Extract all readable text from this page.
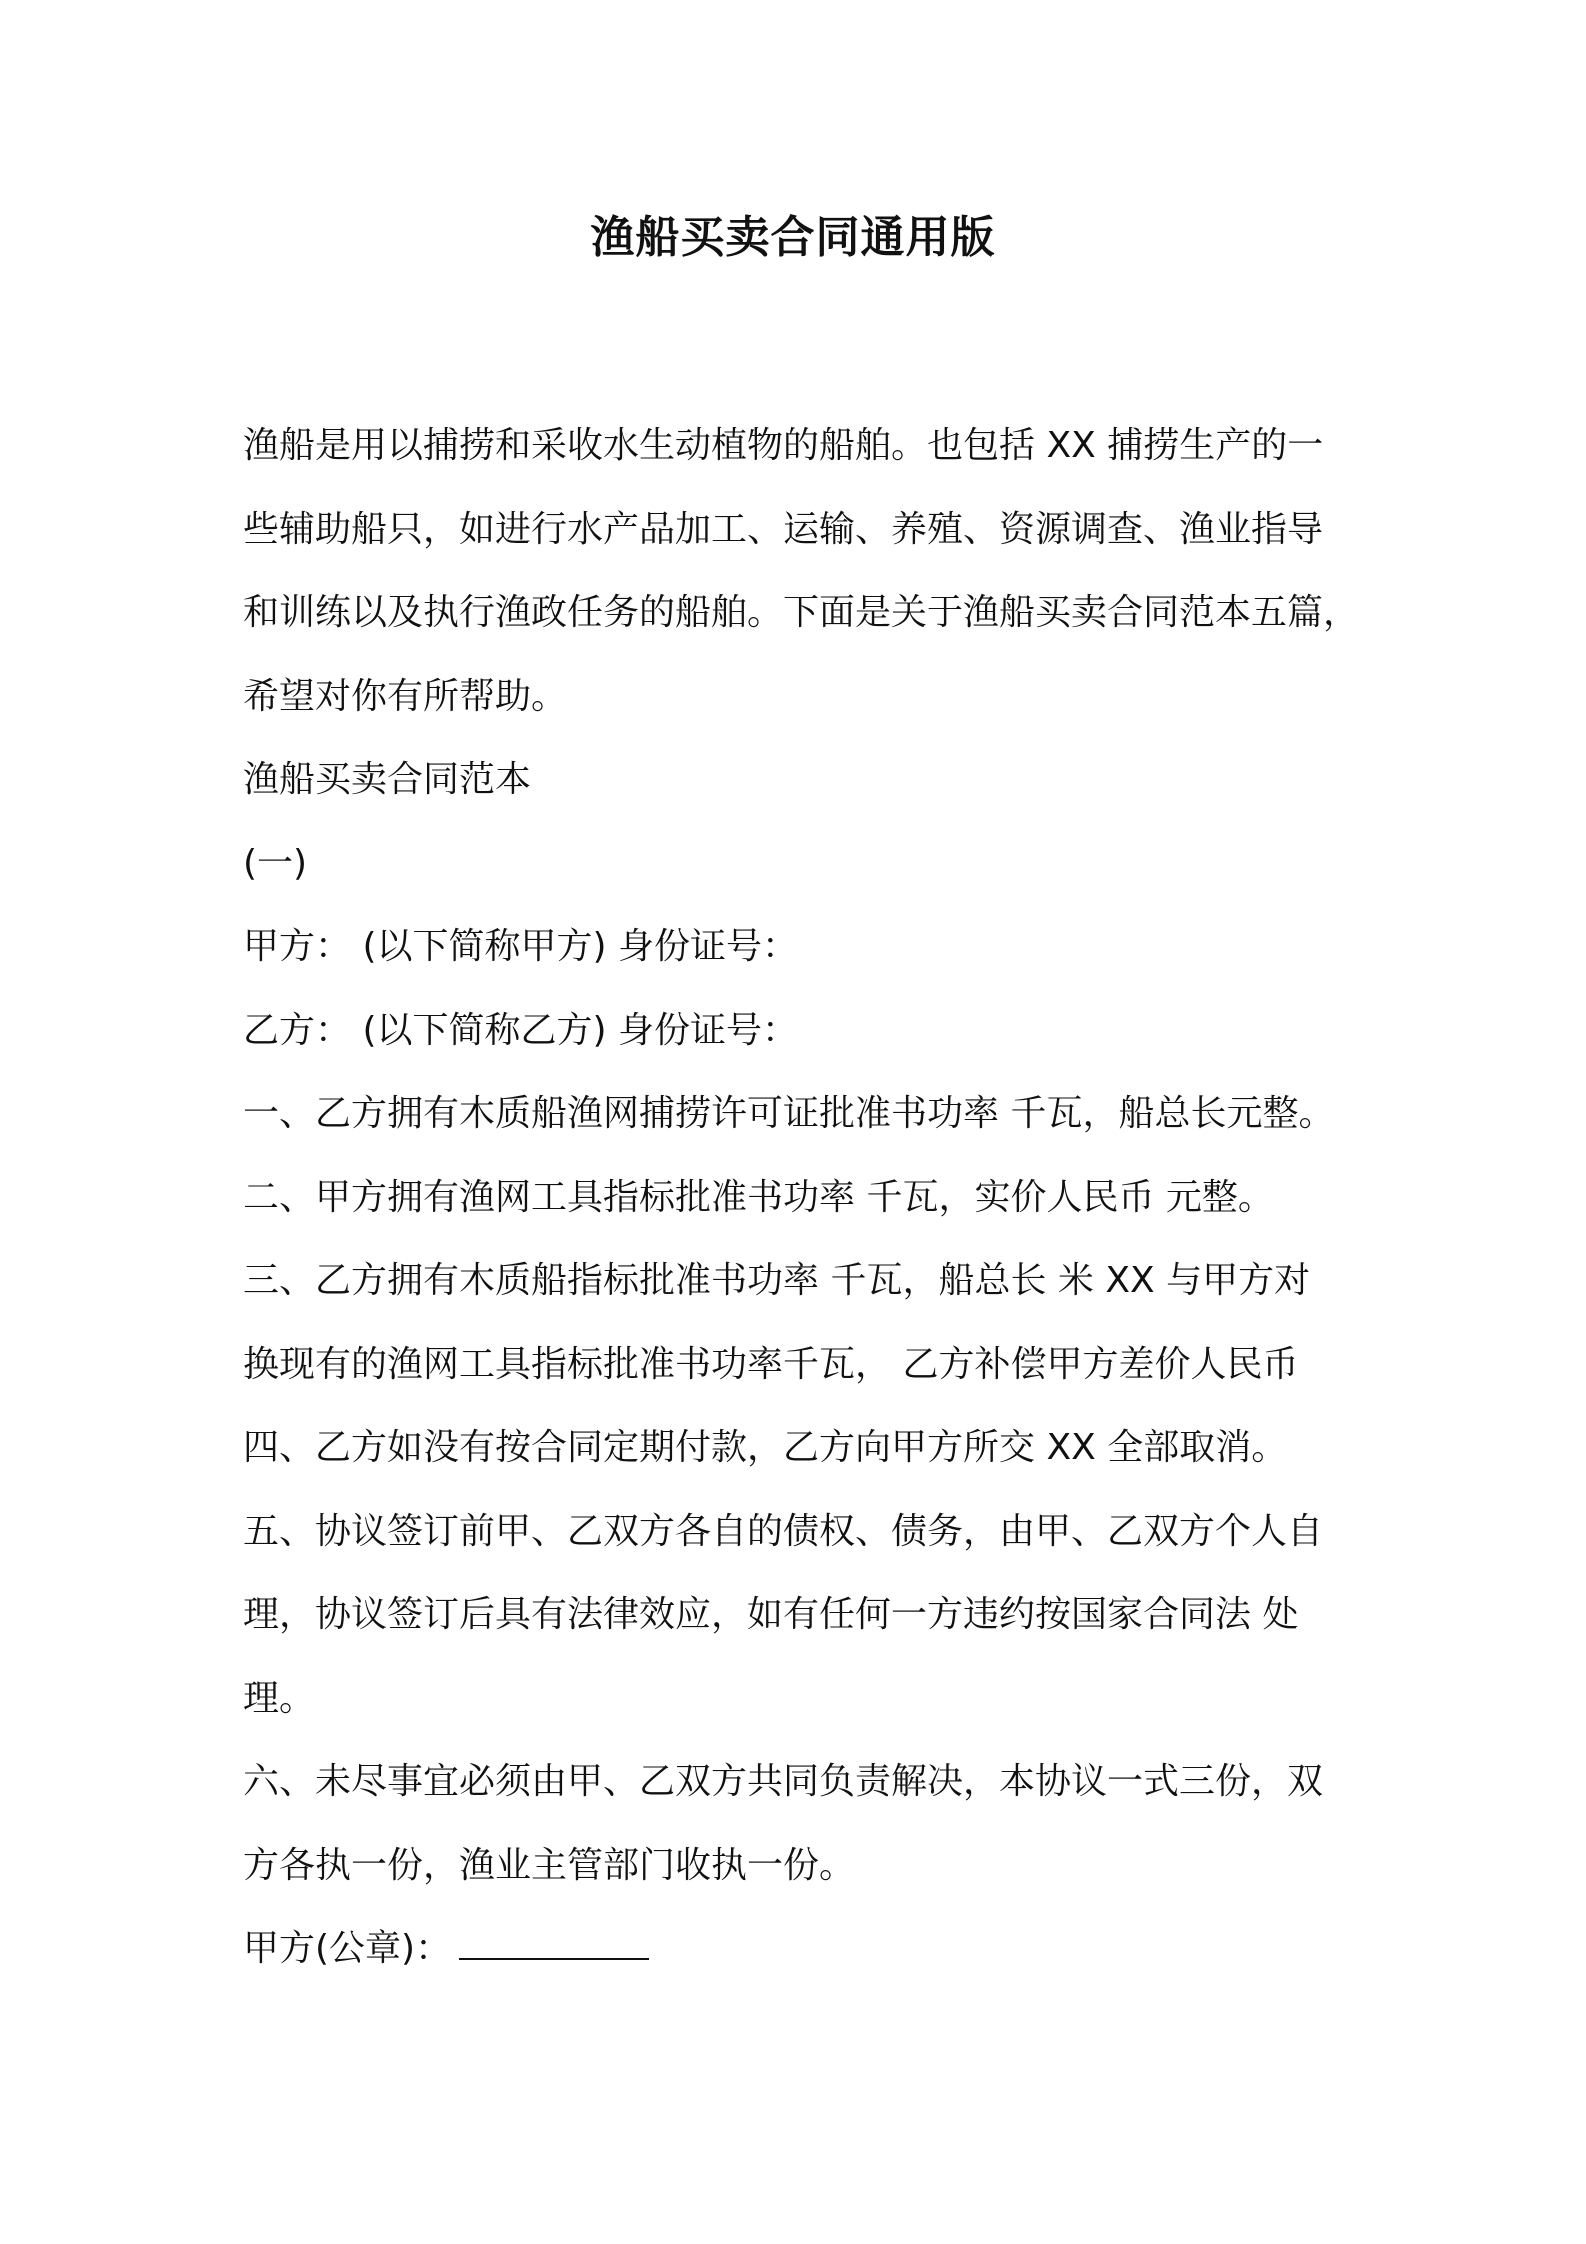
渔船买卖合同通用版
渔船是用以捕捞和采收水生动植物的船舶。也包括 XX 捕捞生产的一
些辅助船只，如进行水产品加工、运输、养殖、资源调查、渔业指导
和训练以及执行渔政任务的船舶。下面是关于渔船买卖合同范本五篇，
希望对你有所帮助。
渔船买卖合同范本
(一)
甲方： (以下简称甲方) 身份证号：
乙方： (以下简称乙方) 身份证号：
一、乙方拥有木质船渔网捕捞许可证批准书功率 千瓦，船总长元整。
二、甲方拥有渔网工具指标批准书功率 千瓦，实价人民币 元整。
三、乙方拥有木质船指标批准书功率 千瓦，船总长 米 XX 与甲方对
换现有的渔网工具指标批准书功率千瓦， 乙方补偿甲方差价人民币
四、乙方如没有按合同定期付款，乙方向甲方所交 XX 全部取消。
五、协议签订前甲、乙双方各自的债权、债务，由甲、乙双方个人自
理，协议签订后具有法律效应，如有任何一方违约按国家合同法 处
理。
六、未尽事宜必须由甲、乙双方共同负责解决，本协议一式三份，双
方各执一份，渔业主管部门收执一份。
甲方(公章)：
